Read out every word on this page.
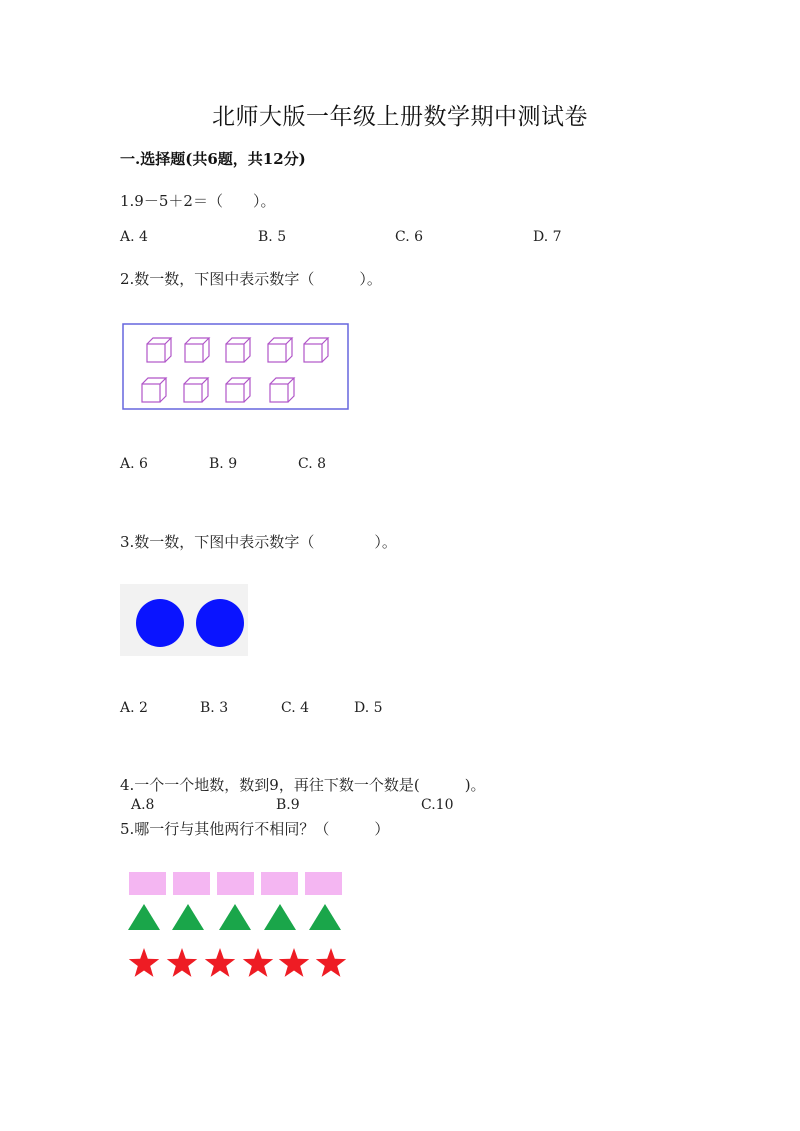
北师大版一年级上册数学期中测试卷
一.选择题(共6题，共12分)
1.9－5＋2＝（　　）。
A. 4	B. 5	C. 6	D. 7
2.数一数，下图中表示数字（　　　）。
A. 6	B. 9	C. 8
3.数一数，下图中表示数字（　　　　）。
A. 2	B. 3	C. 4	D. 5
4.一个一个地数，数到9，再往下数一个数是(　　　)。
A.8	B.9	C.10
5.哪一行与其他两行不相同？（　　　）
